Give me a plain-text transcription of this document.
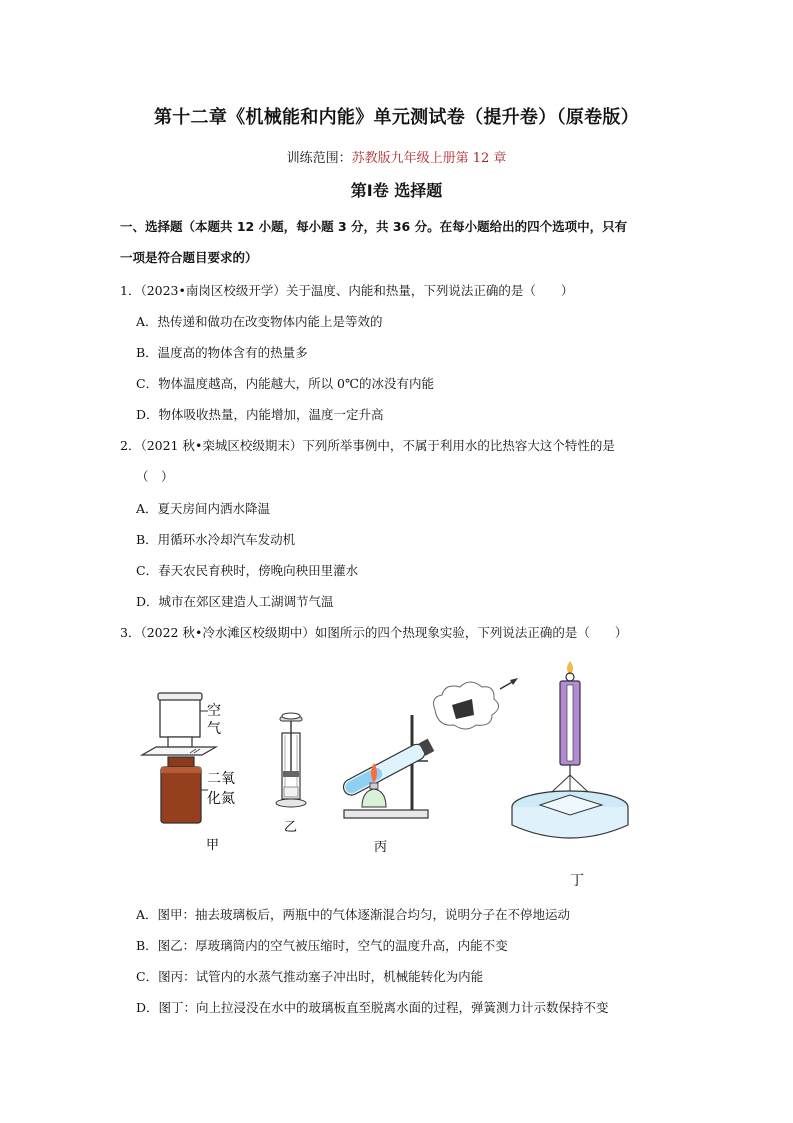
第十二章《机械能和内能》单元测试卷（提升卷）（原卷版）
训练范围：苏教版九年级上册第 12 章
第Ⅰ卷 选择题
一、选择题（本题共 12 小题，每小题 3 分，共 36 分。在每小题给出的四个选项中，只有
一项是符合题目要求的）
1．（2023•南岗区校级开学）关于温度、内能和热量，下列说法正确的是（　　）
A．热传递和做功在改变物体内能上是等效的
B．温度高的物体含有的热量多
C．物体温度越高，内能越大，所以 0℃的冰没有内能
D．物体吸收热量，内能增加，温度一定升高
2．（2021 秋•栾城区校级期末）下列所举事例中，不属于利用水的比热容大这个特性的是
（　）
A．夏天房间内洒水降温
B．用循环水冷却汽车发动机
C．春天农民育秧时，傍晚向秧田里灌水
D．城市在郊区建造人工湖调节气温
3．（2022 秋•冷水滩区校级期中）如图所示的四个热现象实验，下列说法正确的是（　　）
空
气
二氧
化氮
甲
乙
丙
丁
A．图甲：抽去玻璃板后，两瓶中的气体逐渐混合均匀，说明分子在不停地运动
B．图乙：厚玻璃筒内的空气被压缩时，空气的温度升高，内能不变
C．图丙：试管内的水蒸气推动塞子冲出时，机械能转化为内能
D．图丁：向上拉浸没在水中的玻璃板直至脱离水面的过程，弹簧测力计示数保持不变
